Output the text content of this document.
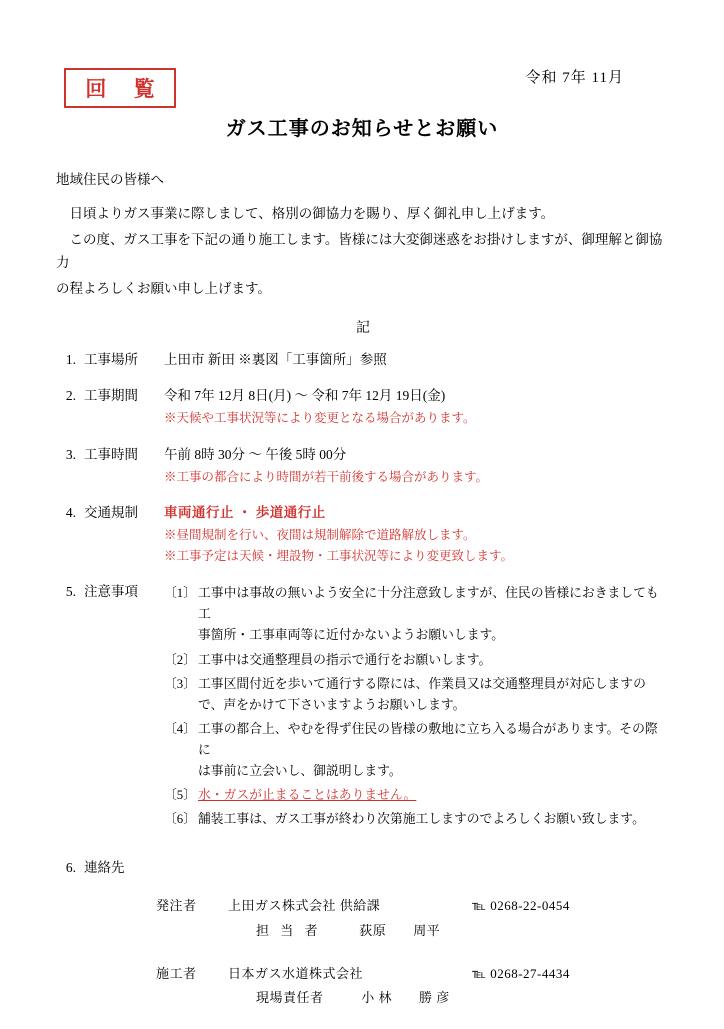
回 覧	令和 7年 11月
ガス工事のお知らせとお願い
地域住民の皆様へ
日頃よりガス事業に際しまして、格別の御協力を賜り、厚く御礼申し上げます。
この度、ガス工事を下記の通り施工します。皆様には大変御迷惑をお掛けしますが、御理解と御協力
の程よろしくお願い申し上げます。
記
1. 工事場所	上田市 新田 ※裏図「工事箇所」参照
2. 工事期間	令和 7年 12月 8日(月) ～ 令和 7年 12月 19日(金)
※天候や工事状況等により変更となる場合があります。
3. 工事時間	午前 8時 30分 ～ 午後 5時 00分
※工事の都合により時間が若干前後する場合があります。
4. 交通規制	車両通行止 ・ 歩道通行止
※昼間規制を行い、夜間は規制解除で道路解放します。
※工事予定は天候・埋設物・工事状況等により変更致します。
5. 注意事項	〔1〕 工事中は事故の無いよう安全に十分注意致しますが、住民の皆様におきましても工
事箇所・工事車両等に近付かないようお願いします。
〔2〕 工事中は交通整理員の指示で通行をお願いします。
〔3〕 工事区間付近を歩いて通行する際には、作業員又は交通整理員が対応しますの
で、声をかけて下さいますようお願いします。
〔4〕 工事の都合上、やむを得ず住民の皆様の敷地に立ち入る場合があります。その際に
は事前に立会いし、御説明します。
〔5〕 水・ガスが止まることはありません。
〔6〕 舗装工事は、ガス工事が終わり次第施工しますのでよろしくお願い致します。
6. 連絡先
発注者	上田ガス株式会社 供給課	℡ 0268-22-0454
担 当 者	荻原　　周平
施工者	日本ガス水道株式会社	℡ 0268-27-4434
現場責任者	小 林　　勝 彦
